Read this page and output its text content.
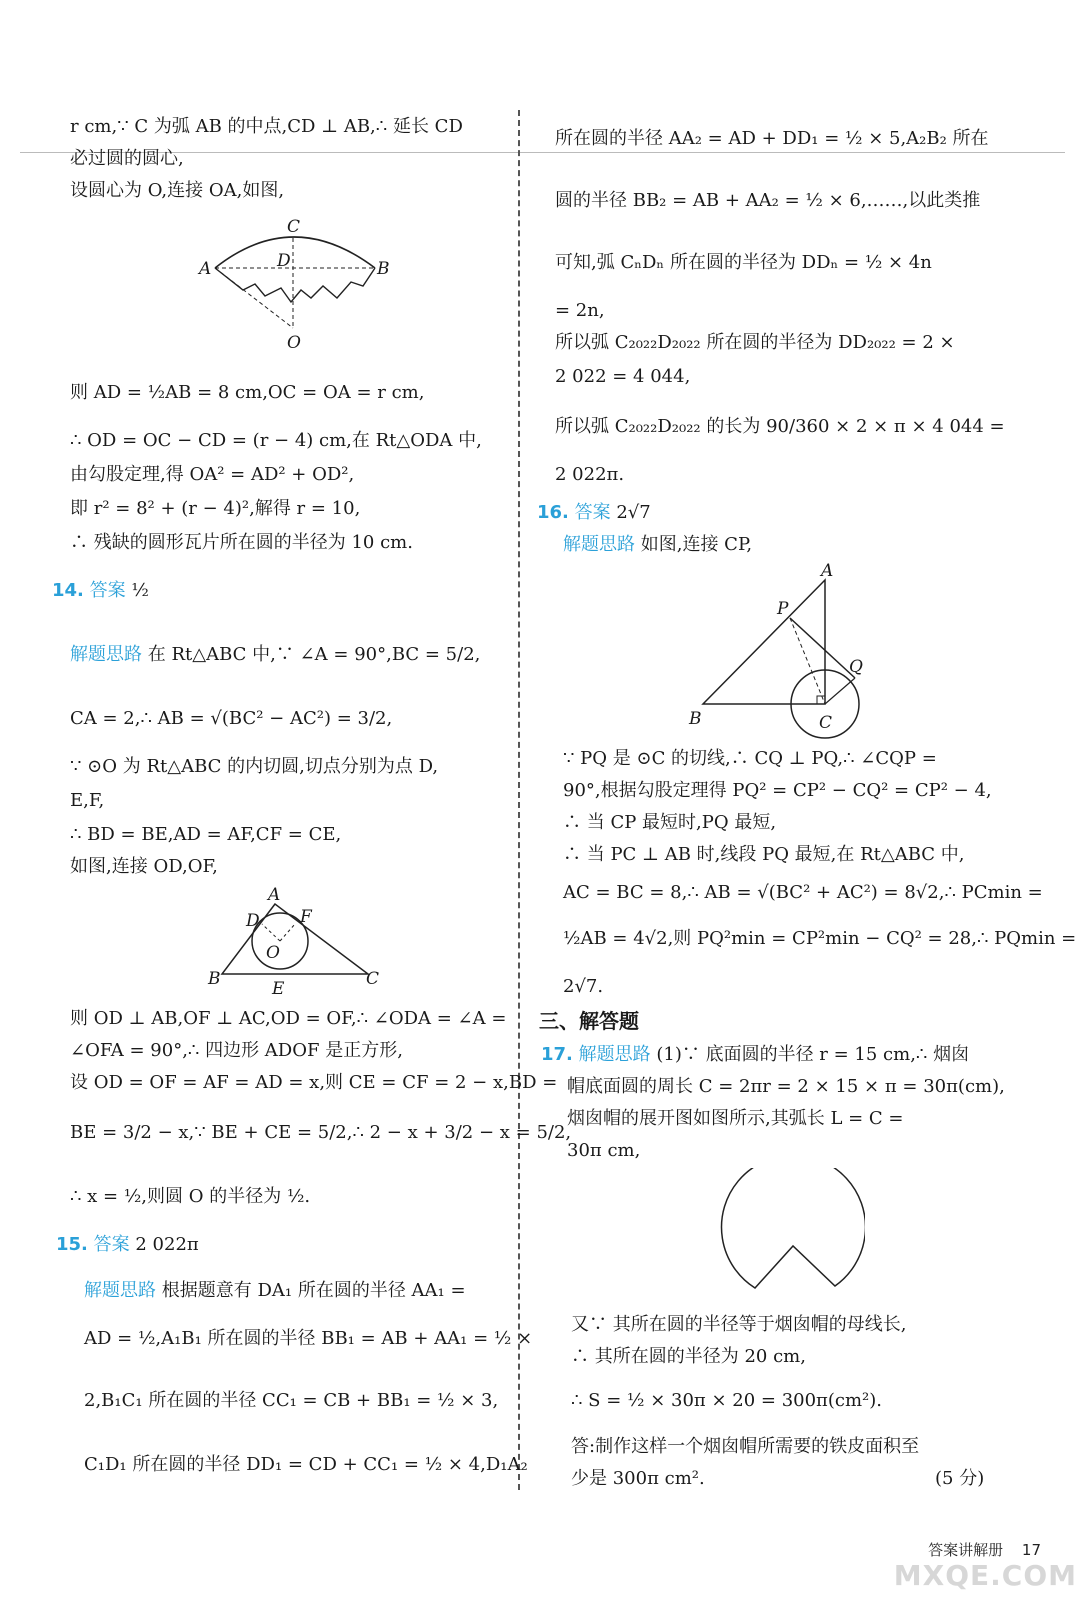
r cm,∵ C 为弧 AB 的中点,CD ⊥ AB,∴ 延长 CD
必过圆的圆心,
设圆心为 O,连接 OA,如图,
C
D
A	B
O
则 AD = ½AB = 8 cm,OC = OA = r cm,
∴ OD = OC − CD = (r − 4) cm,在 Rt△ODA 中,
由勾股定理,得 OA² = AD² + OD²,
即 r² = 8² + (r − 4)²,解得 r = 10,
∴ 残缺的圆形瓦片所在圆的半径为 10 cm.
14. 答案 ½
解题思路 在 Rt△ABC 中,∵ ∠A = 90°,BC = 5/2,
CA = 2,∴ AB = √(BC² − AC²) = 3/2,
∵ ⊙O 为 Rt△ABC 的内切圆,切点分别为点 D,
E,F,
∴ BD = BE,AD = AF,CF = CE,
如图,连接 OD,OF,
A
D F
O
B	E	C
则 OD ⊥ AB,OF ⊥ AC,OD = OF,∴ ∠ODA = ∠A =
∠OFA = 90°,∴ 四边形 ADOF 是正方形,
设 OD = OF = AF = AD = x,则 CE = CF = 2 − x,BD =
BE = 3/2 − x,∵ BE + CE = 5/2,∴ 2 − x + 3/2 − x = 5/2,
∴ x = ½,则圆 O 的半径为 ½.
15. 答案 2 022π
解题思路 根据题意有 DA₁ 所在圆的半径 AA₁ =
AD = ½,A₁B₁ 所在圆的半径 BB₁ = AB + AA₁ = ½ ×
2,B₁C₁ 所在圆的半径 CC₁ = CB + BB₁ = ½ × 3,
C₁D₁ 所在圆的半径 DD₁ = CD + CC₁ = ½ × 4,D₁A₂
所在圆的半径 AA₂ = AD + DD₁ = ½ × 5,A₂B₂ 所在
圆的半径 BB₂ = AB + AA₂ = ½ × 6,……,以此类推
可知,弧 CₙDₙ 所在圆的半径为 DDₙ = ½ × 4n
= 2n,
所以弧 C₂₀₂₂D₂₀₂₂ 所在圆的半径为 DD₂₀₂₂ = 2 ×
2 022 = 4 044,
所以弧 C₂₀₂₂D₂₀₂₂ 的长为 90/360 × 2 × π × 4 044 =
2 022π.
16. 答案 2√7
解题思路 如图,连接 CP,
A
P
Q
B	C
∵ PQ 是 ⊙C 的切线,∴ CQ ⊥ PQ,∴ ∠CQP =
90°,根据勾股定理得 PQ² = CP² − CQ² = CP² − 4,
∴ 当 CP 最短时,PQ 最短,
∴ 当 PC ⊥ AB 时,线段 PQ 最短,在 Rt△ABC 中,
AC = BC = 8,∴ AB = √(BC² + AC²) = 8√2,∴ PCmin =
½AB = 4√2,则 PQ²min = CP²min − CQ² = 28,∴ PQmin =
2√7.
三、解答题
17. 解题思路 (1)∵ 底面圆的半径 r = 15 cm,∴ 烟囱
帽底面圆的周长 C = 2πr = 2 × 15 × π = 30π(cm),
烟囱帽的展开图如图所示,其弧长 L = C =
30π cm,
又∵ 其所在圆的半径等于烟囱帽的母线长,
∴ 其所在圆的半径为 20 cm,
∴ S = ½ × 30π × 20 = 300π(cm²).
答:制作这样一个烟囱帽所需要的铁皮面积至
少是 300π cm².	(5 分)
答案讲解册 17
MXQE.COM
